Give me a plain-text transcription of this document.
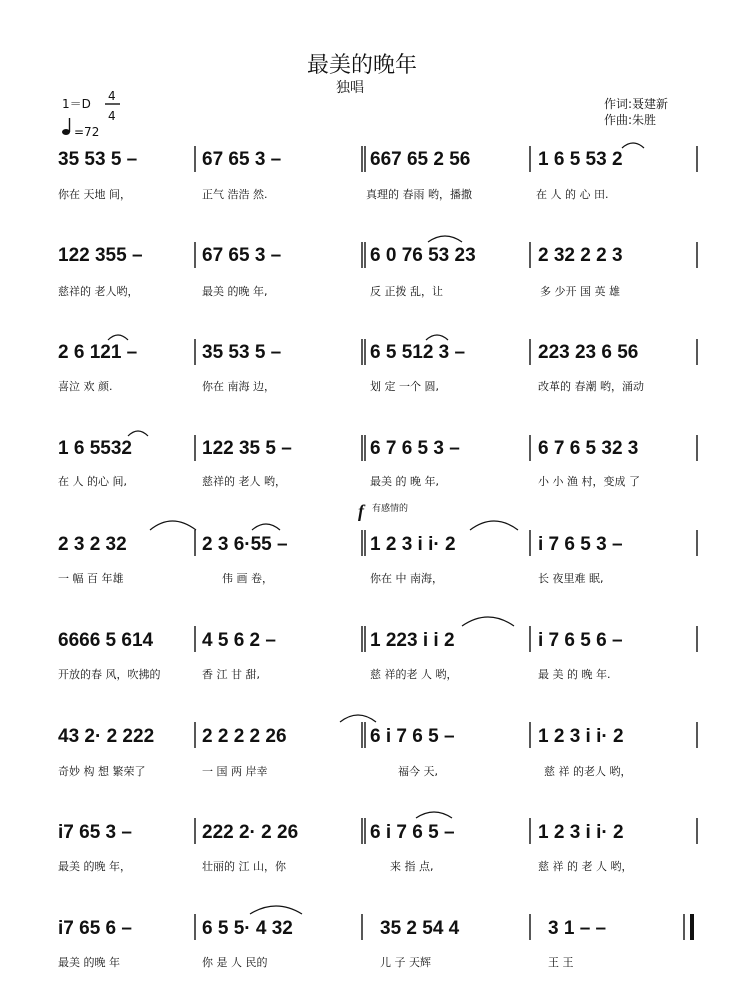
最美的晚年
独唱
1＝D
4
4
=72
作词:聂建新
作曲:朱胜
f 有感情的
35 53 5 –	67 65 3 –	667 65 2 56	1 6 5 53 2
你在 天地 间，	正气 浩浩 然.	真理的 春雨 哟，播撒	在 人 的 心 田.
122 355 –	67 65 3 –	6 0 76 53 23	2 32 2 2 3
慈祥的 老人哟，	最美 的晚 年,	反 正拨 乱，让	多 少开 国 英 雄
2 6 121 –	35 53 5 –	6 5 512 3 –	223 23 6 56
喜泣 欢 颜.	你在 南海 边，	划 定 一个 圆,	改革的 春潮 哟，涌动
1 6 5532	122 35 5 –	6 7 6 5 3 –	6 7 6 5 32 3
在 人 的心 间,	慈祥的 老人 哟，	最美 的 晚 年,	小 小 渔 村，变成 了
2 3 2 32	2 3 6·55 –	1 2 3 i i· 2	i 7 6 5 3 –
一 幅 百 年雄	伟 画 卷，	你在 中 南海，	长 夜里难 眠,
6666 5 614	4 5 6 2 –	1 223 i i 2	i 7 6 5 6 –
开放的春 风，吹拂的	香 江 甘 甜,	慈 祥的老 人 哟，	最 美 的 晚 年.
43 2· 2 222	2 2 2 2 26	6 i 7 6 5 –	1 2 3 i i· 2
奇妙 构 想 繁荣了	一 国 两 岸幸	福今 天,	慈 祥 的老人 哟，
i7 65 3 –	222 2· 2 26	6 i 7 6 5 –	1 2 3 i i· 2
最美 的晚 年，	壮丽的 江 山，你	来 指 点,	慈 祥 的 老 人 哟，
i7 65 6 –	6 5 5· 4 32	35 2 54 4	3 1 – –
最美 的晚 年	你 是 人 民的	儿 子 天辉	王 王
